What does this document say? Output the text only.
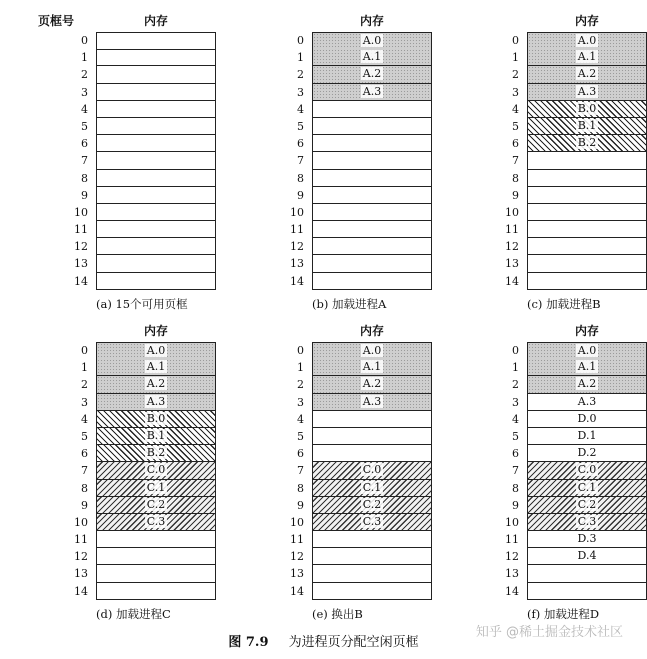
页框号	内存
0
1
2
3
4
5
6
7
8
9
10
11
12
13
14
(a) 15个可用页框
内存
0	A.0
1	A.1
2	A.2
3	A.3
4
5
6
7
8
9
10
11
12
13
14
(b) 加载进程A
内存
0	A.0
1	A.1
2	A.2
3	A.3
4	B.0
5	B.1
6	B.2
7
8
9
10
11
12
13
14
(c) 加载进程B
内存
0	A.0
1	A.1
2	A.2
3	A.3
4	B.0
5	B.1
6	B.2
7	C.0
8	C.1
9	C.2
10	C.3
11
12
13
14
(d) 加载进程C
内存
0	A.0
1	A.1
2	A.2
3	A.3
4
5
6
7	C.0
8	C.1
9	C.2
10	C.3
11
12
13
14
(e) 换出B
内存
0	A.0
1	A.1
2	A.2
3	A.3
4	D.0
5	D.1
6	D.2
7	C.0
8	C.1
9	C.2
10	C.3
11	D.3
12	D.4
13
14
(f) 加载进程D
图 7.9 为进程页分配空闲页框
知乎 @稀土掘金技术社区
